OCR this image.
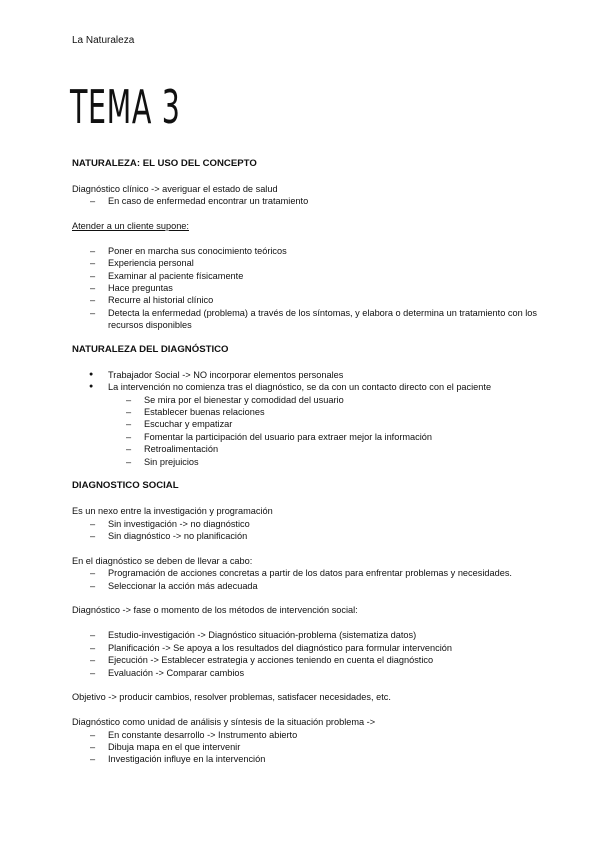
La Naturaleza
TEMA 3

NATURALEZA: EL USO DEL CONCEPTO

Diagnóstico clínico -> averiguar el estado de salud

– En caso de enfermedad encontrar un tratamiento

Atender a un cliente supone:

– Poner en marcha sus conocimiento teóricos
– Experiencia personal
– Examinar al paciente físicamente
– Hace preguntas
– Recurre al historial clínico
– Detecta la enfermedad (problema) a través de los síntomas, y elabora o determina un tratamiento con los recursos disponibles

NATURALEZA DEL DIAGNÓSTICO

● Trabajador Social -> NO incorporar elementos personales
● La intervención no comienza tras el diagnóstico, se da con un contacto directo con el paciente
– Se mira por el bienestar y comodidad del usuario
– Establecer buenas relaciones
– Escuchar y empatizar
– Fomentar la participación del usuario para extraer mejor la información
– Retroalimentación
– Sin prejuicios

DIAGNOSTICO SOCIAL

Es un nexo entre la investigación y programación

– Sin investigación -> no diagnóstico
– Sin diagnóstico -> no planificación

En el diagnóstico se deben de llevar a cabo:

– Programación de acciones concretas a partir de los datos para enfrentar problemas y necesidades.
– Seleccionar la acción más adecuada

Diagnóstico -> fase o momento de los métodos de intervención social:

– Estudio-investigación -> Diagnóstico situación-problema (sistematiza datos)
– Planificación -> Se apoya a los resultados del diagnóstico para formular intervención
– Ejecución -> Establecer estrategia y acciones teniendo en cuenta el diagnóstico
– Evaluación -> Comparar cambios

Objetivo -> producir cambios, resolver problemas, satisfacer necesidades, etc.

Diagnóstico como unidad de análisis y síntesis de la situación problema ->

– En constante desarrollo -> Instrumento abierto
– Dibuja mapa en el que intervenir
– Investigación influye en la intervención
